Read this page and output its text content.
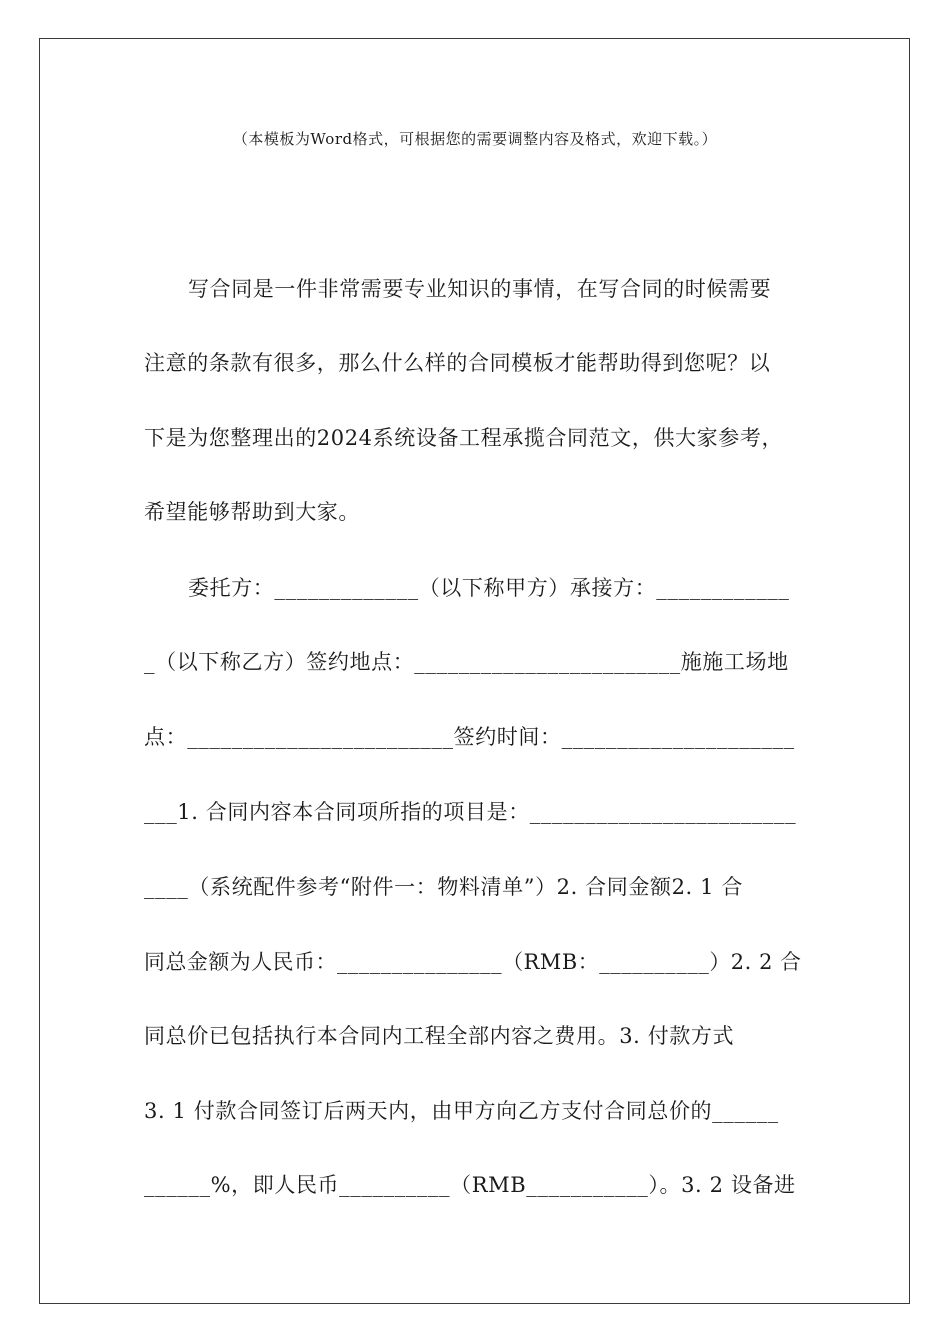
（本模板为Word格式，可根据您的需要调整内容及格式，欢迎下载。）
写合同是一件非常需要专业知识的事情，在写合同的时候需要
注意的条款有很多，那么什么样的合同模板才能帮助得到您呢？以
下是为您整理出的2024系统设备工程承揽合同范文，供大家参考，
希望能够帮助到大家。
委托方：_____________（以下称甲方）承接方：____________
_（以下称乙方）签约地点：________________________施施工场地
点：________________________签约时间：_____________________
___1. 合同内容本合同项所指的项目是：________________________
____（系统配件参考“附件一：物料清单”）2. 合同金额2. 1 合
同总金额为人民币：_______________（RMB：__________）2. 2 合
同总价已包括执行本合同内工程全部内容之费用。3. 付款方式
3. 1 付款合同签订后两天内，由甲方向乙方支付合同总价的______
______%，即人民币__________（RMB___________）。3. 2 设备进
